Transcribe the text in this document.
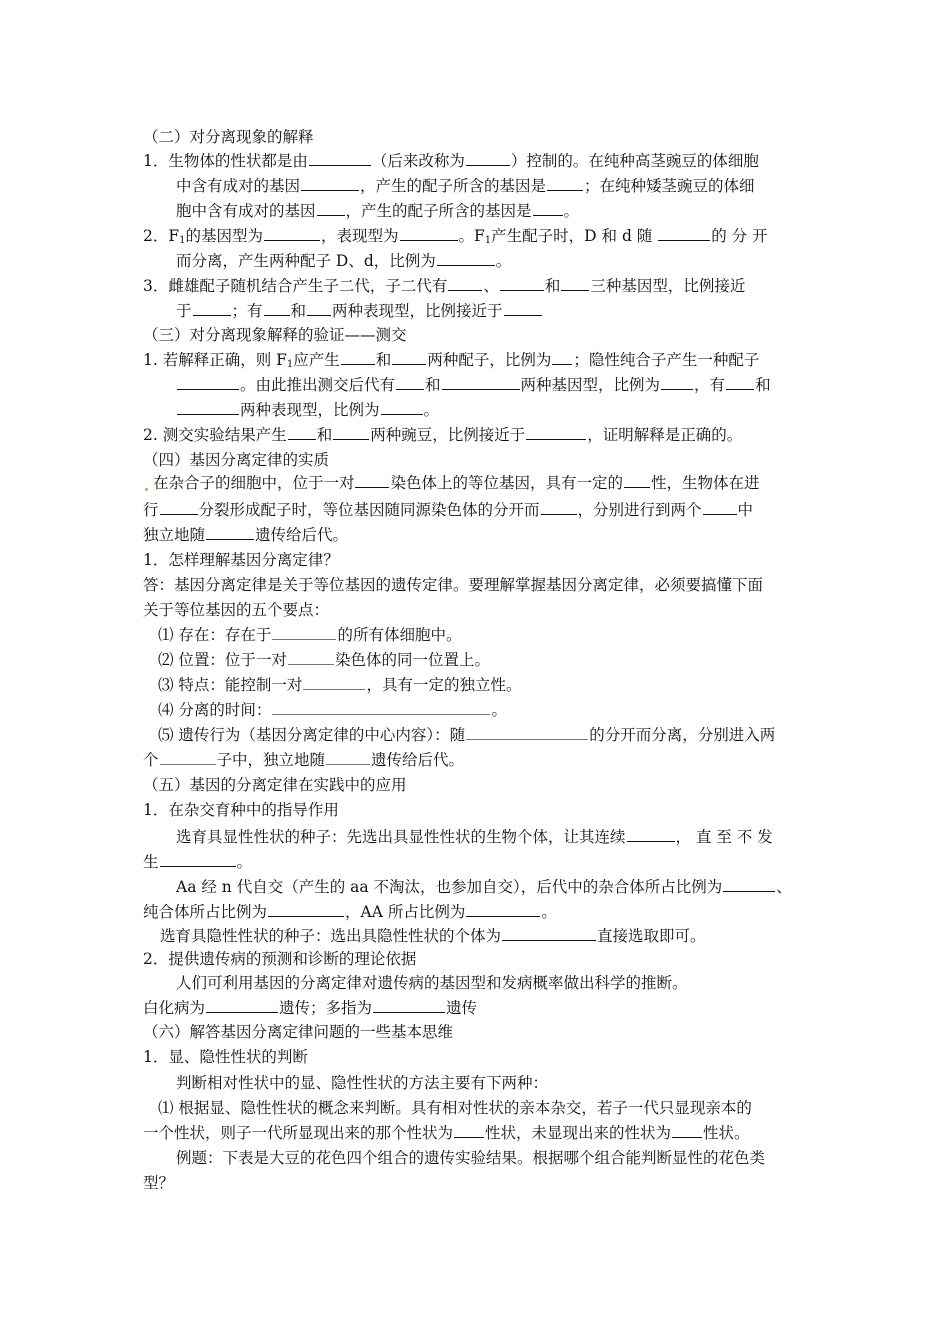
（二）对分离现象的解释
1．生物体的性状都是由	（后来改称为	）控制的。在纯种高茎豌豆的体细胞
中含有成对的基因	，产生的配子所含的基因是 ；在纯种矮茎豌豆的体细
胞中含有成对的基因 ，产生的配子所含的基因是 。
2．$F_1$的基因型为	，表现型为	。$F_1$产生配子时，D 和 d 随	的 分 开
而分离，产生两种配子 D、d，比例为	。
3．雌雄配子随机结合产生子二代，子二代有 、	和 三种基因型，比例接近
于	；有 和 两种表现型，比例接近于
（三）对分离现象解释的验证——测交
1. 若解释正确，则 $F_1$应产生 和 两种配子，比例为 ；隐性纯合子产生一种配子
。由此推出测交后代有 和	两种基因型，比例为 ，有 和
两种表现型，比例为	。
2. 测交实验结果产生 和 两种豌豆，比例接近于	，证明解释是正确的。
（四）基因分离定律的实质
在杂合子的细胞中，位于一对 染色体上的等位基因，具有一定的 性，生物体在进
行	分裂形成配子时，等位基因随同源染色体的分开而 ，分别进行到两个 中
独立地随	遗传给后代。
1．怎样理解基因分离定律？
答：基因分离定律是关于等位基因的遗传定律。要理解掌握基因分离定律，必须要搞懂下面
关于等位基因的五个要点：
⑴ 存在：存在于	的所有体细胞中。
⑵ 位置：位于一对	染色体的同一位置上。
⑶ 特点：能控制一对	，具有一定的独立性。
⑷ 分离的时间：	。
⑸ 遗传行为（基因分离定律的中心内容）：随	的分开而分离，分别进入两
个	子中，独立地随	遗传给后代。
（五）基因的分离定律在实践中的应用
1．在杂交育种中的指导作用
选育具显性性状的种子：先选出具显性性状的生物个体，让其连续	， 直 至 不 发
生	。
Aa 经 n 代自交（产生的 aa 不淘汰，也参加自交），后代中的杂合体所占比例为	、
纯合体所占比例为	，AA 所占比例为	。
选育具隐性性状的种子：选出具隐性性状的个体为	直接选取即可。
2．提供遗传病的预测和诊断的理论依据
人们可利用基因的分离定律对遗传病的基因型和发病概率做出科学的推断。
白化病为	遗传；多指为	遗传
（六）解答基因分离定律问题的一些基本思维
1．显、隐性性状的判断
判断相对性状中的显、隐性性状的方法主要有下两种：
⑴ 根据显、隐性性状的概念来判断。具有相对性状的亲本杂交，若子一代只显现亲本的
一个性状，则子一代所显现出来的那个性状为 性状，未显现出来的性状为 性状。
例题：下表是大豆的花色四个组合的遗传实验结果。根据哪个组合能判断显性的花色类
型？
